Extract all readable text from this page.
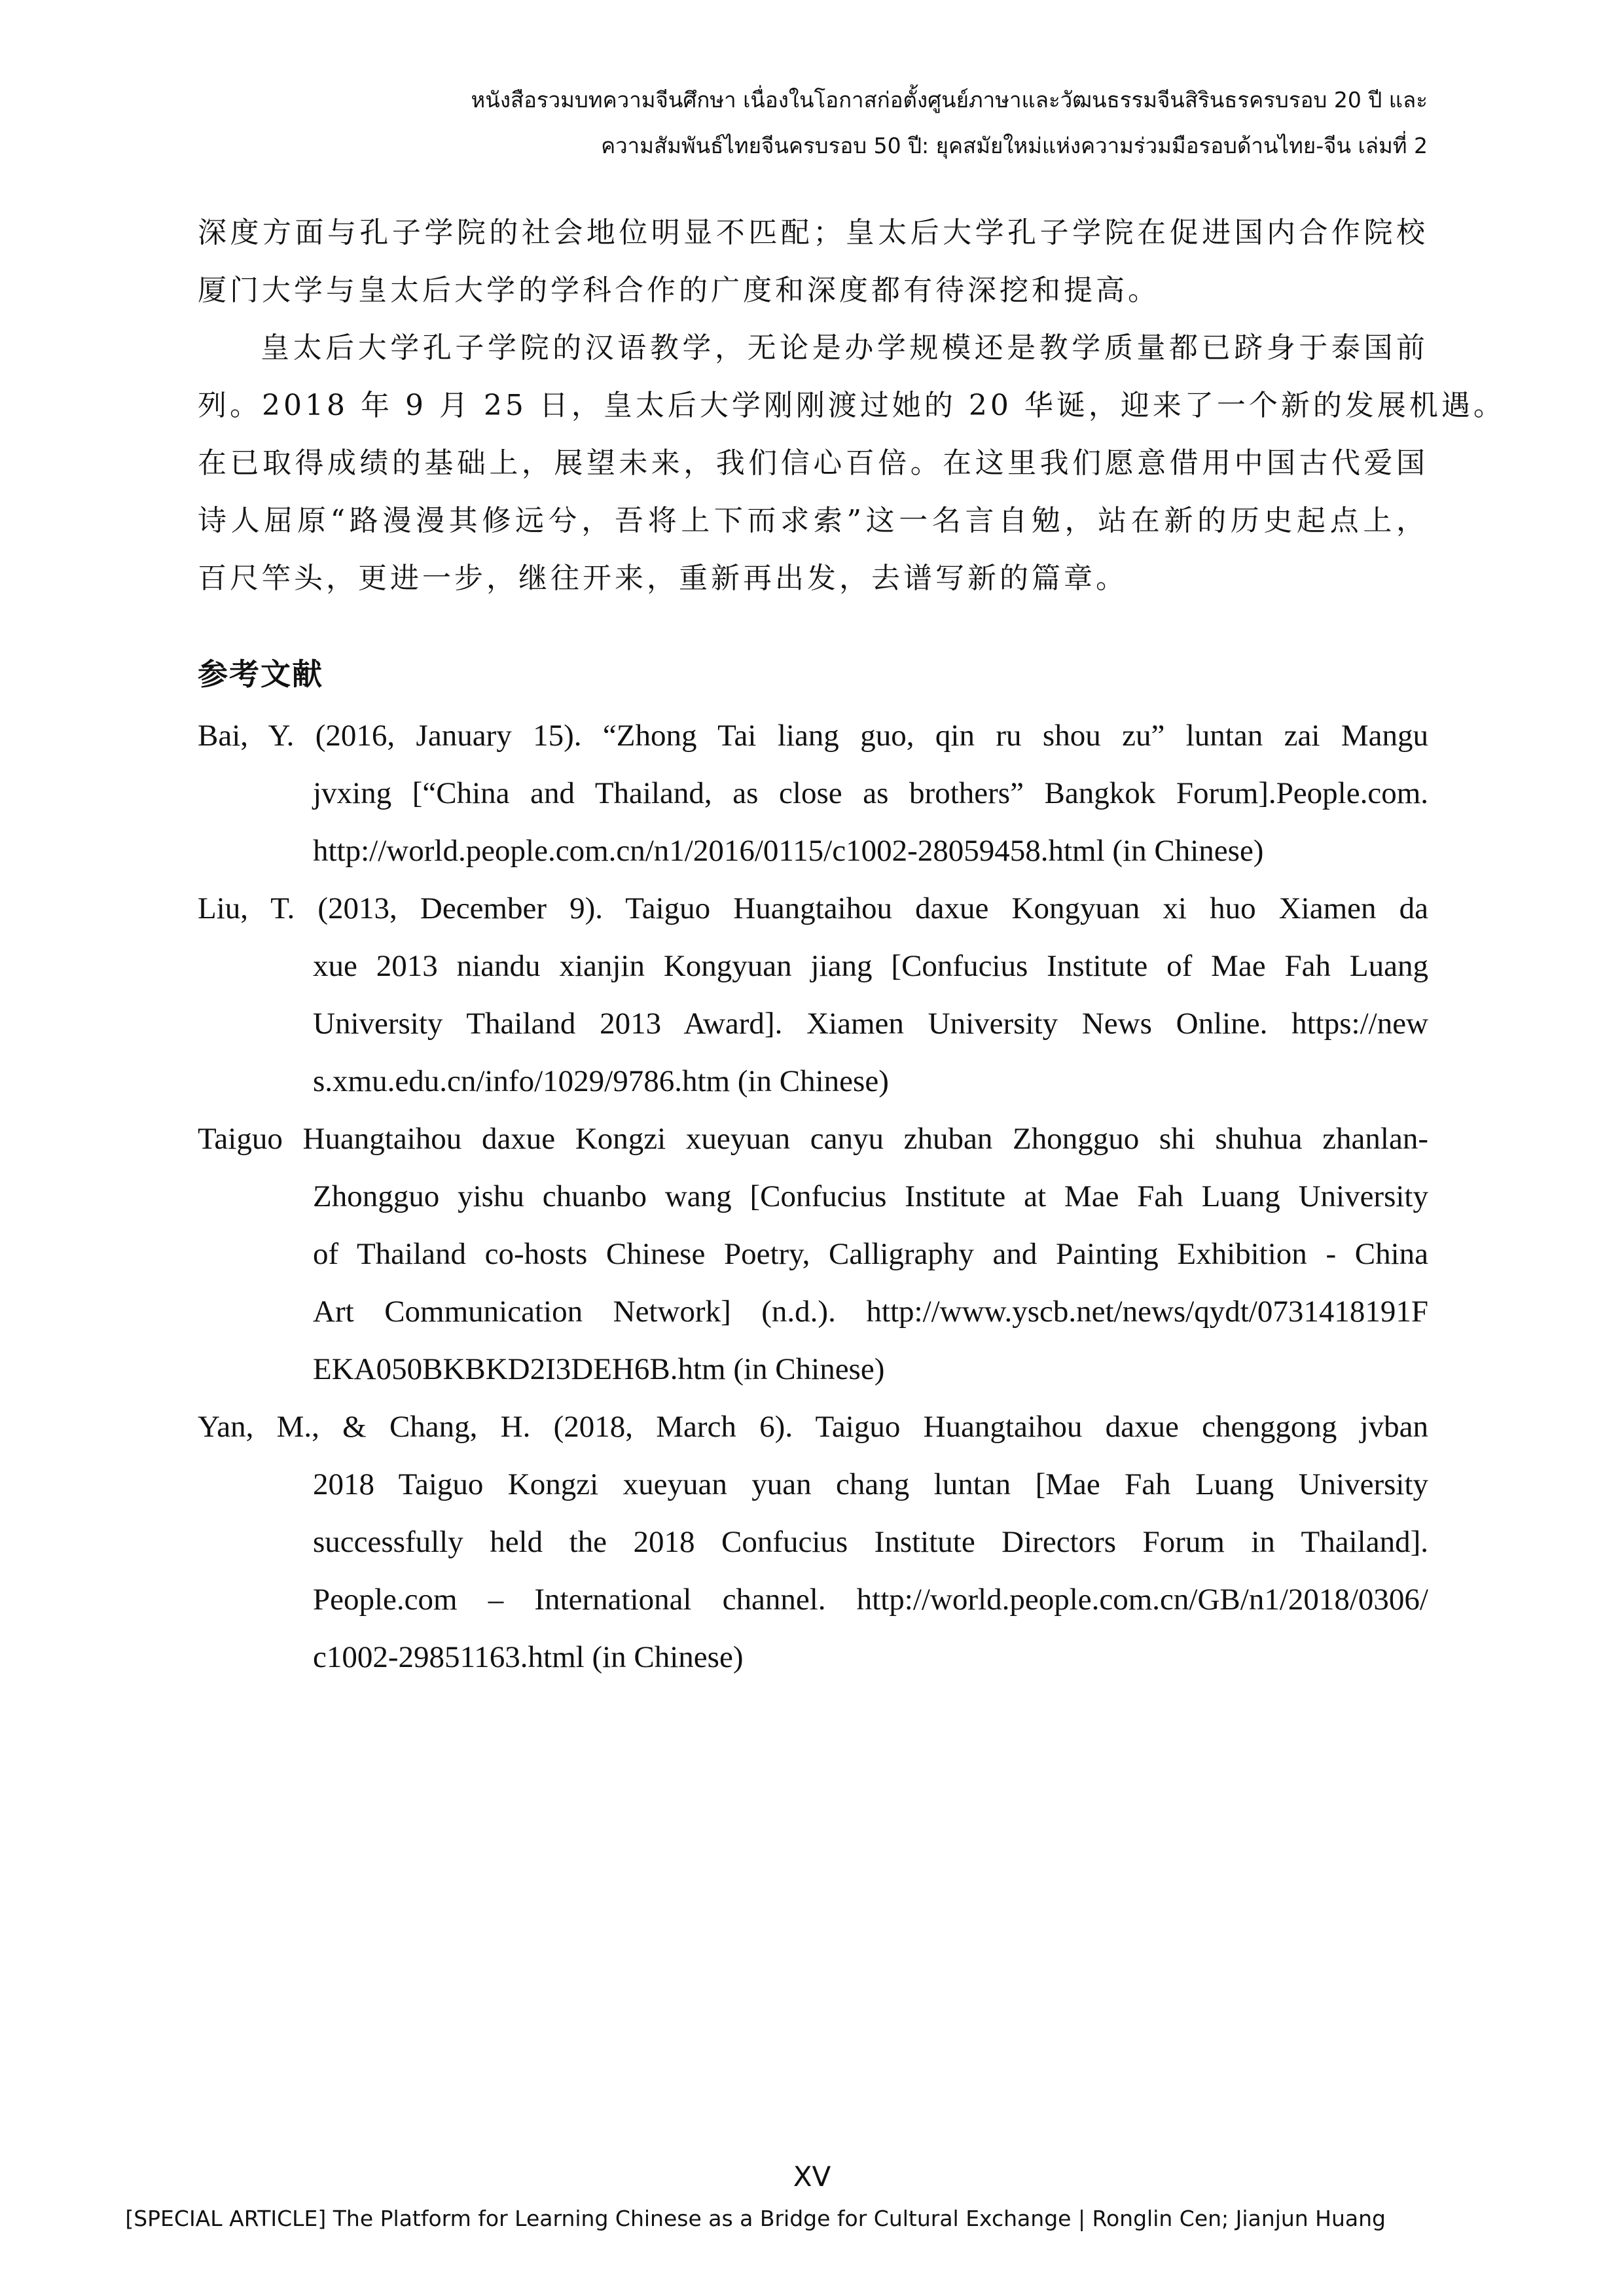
หนังสือรวมบทความจีนศึกษา เนื่องในโอกาสก่อตั้งศูนย์ภาษาและวัฒนธรรมจีนสิรินธรครบรอบ 20 ปี และ
ความสัมพันธ์ไทยจีนครบรอบ 50 ปี: ยุคสมัยใหม่แห่งความร่วมมือรอบด้านไทย-จีน เล่มที่ 2
深度方面与孔子学院的社会地位明显不匹配；皇太后大学孔子学院在促进国内合作院校
厦门大学与皇太后大学的学科合作的广度和深度都有待深挖和提高。
皇太后大学孔子学院的汉语教学，无论是办学规模还是教学质量都已跻身于泰国前
列。2018 年 9 月 25 日，皇太后大学刚刚渡过她的 20 华诞，迎来了一个新的发展机遇。
在已取得成绩的基础上，展望未来，我们信心百倍。在这里我们愿意借用中国古代爱国
诗人屈原“路漫漫其修远兮，吾将上下而求索”这一名言自勉，站在新的历史起点上，
百尺竿头，更进一步，继往开来，重新再出发，去谱写新的篇章。
参考文献
Bai, Y. (2016, January 15). “Zhong Tai liang guo, qin ru shou zu” luntan zai Mangu
jvxing [“China and Thailand, as close as brothers” Bangkok Forum].People.com.
http://world.people.com.cn/n1/2016/0115/c1002-28059458.html (in Chinese)
Liu, T. (2013, December 9). Taiguo Huangtaihou daxue Kongyuan xi huo Xiamen da
xue 2013 niandu xianjin Kongyuan jiang [Confucius Institute of Mae Fah Luang
University Thailand 2013 Award]. Xiamen University News Online. https://new
s.xmu.edu.cn/info/1029/9786.htm (in Chinese)
Taiguo Huangtaihou daxue Kongzi xueyuan canyu zhuban Zhongguo shi shuhua zhanlan-
Zhongguo yishu chuanbo wang [Confucius Institute at Mae Fah Luang University
of Thailand co-hosts Chinese Poetry, Calligraphy and Painting Exhibition - China
Art Communication Network] (n.d.). http://www.yscb.net/news/qydt/0731418191F
EKA050BKBKD2I3DEH6B.htm (in Chinese)
Yan, M., & Chang, H. (2018, March 6). Taiguo Huangtaihou daxue chenggong jvban
2018 Taiguo Kongzi xueyuan yuan chang luntan [Mae Fah Luang University
successfully held the 2018 Confucius Institute Directors Forum in Thailand].
People.com – International channel. http://world.people.com.cn/GB/n1/2018/0306/
c1002-29851163.html (in Chinese)
XV
[SPECIAL ARTICLE] The Platform for Learning Chinese as a Bridge for Cultural Exchange | Ronglin Cen; Jianjun Huang
